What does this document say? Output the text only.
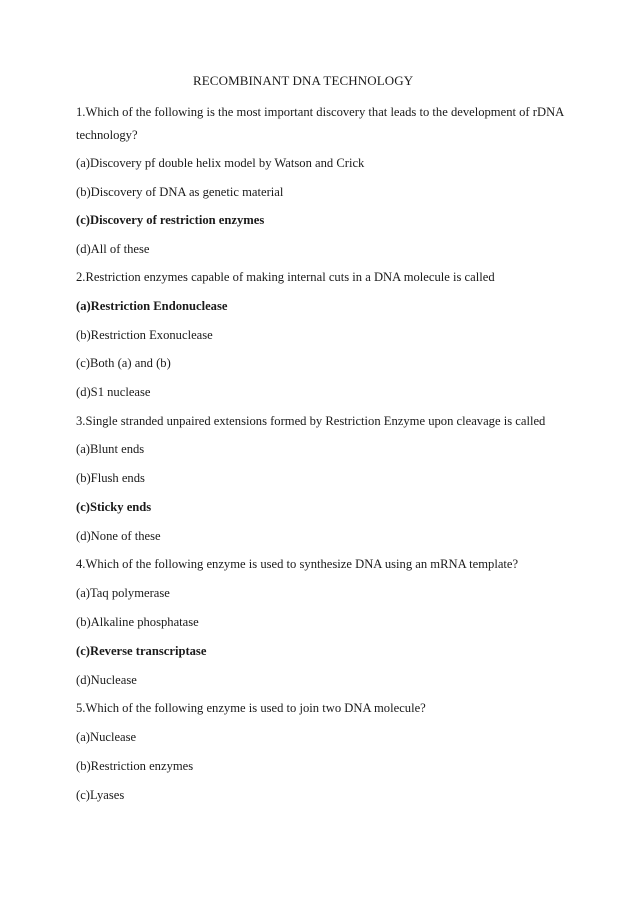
RECOMBINANT DNA TECHNOLOGY
1.Which of the following is the most important discovery that leads to the development of rDNA
technology?
(a)Discovery pf double helix model by Watson and Crick
(b)Discovery of DNA as genetic material
(c)Discovery of restriction enzymes
(d)All of these
2.Restriction enzymes capable of making internal cuts in a DNA molecule is called
(a)Restriction Endonuclease
(b)Restriction Exonuclease
(c)Both (a) and (b)
(d)S1 nuclease
3.Single stranded unpaired extensions formed by Restriction Enzyme upon cleavage is called
(a)Blunt ends
(b)Flush ends
(c)Sticky ends
(d)None of these
4.Which of the following enzyme is used to synthesize DNA using an mRNA template?
(a)Taq polymerase
(b)Alkaline phosphatase
(c)Reverse transcriptase
(d)Nuclease
5.Which of the following enzyme is used to join two DNA molecule?
(a)Nuclease
(b)Restriction enzymes
(c)Lyases
